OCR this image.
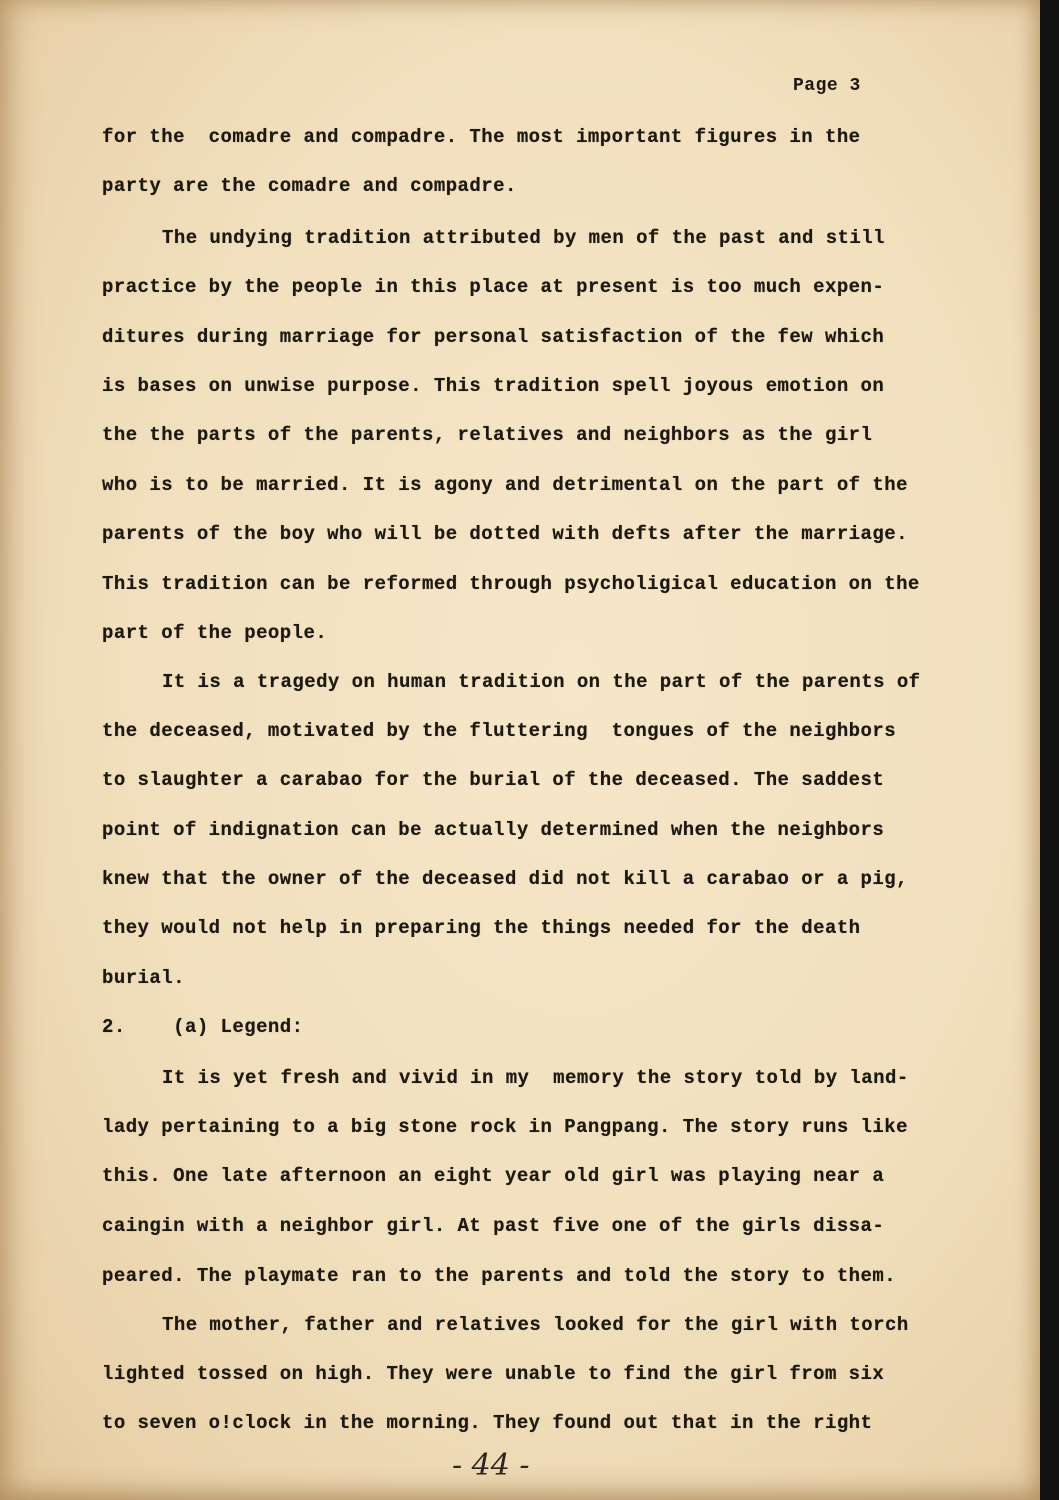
Page 3
for the  comadre and compadre. The most important figures in the
party are the comadre and compadre.
The undying tradition attributed by men of the past and still
practice by the people in this place at present is too much expen-
ditures during marriage for personal satisfaction of the few which
is bases on unwise purpose. This tradition spell joyous emotion on
the the parts of the parents, relatives and neighbors as the girl
who is to be married. It is agony and detrimental on the part of the
parents of the boy who will be dotted with defts after the marriage.
This tradition can be reformed through psycholigical education on the
part of the people.
It is a tragedy on human tradition on the part of the parents of
the deceased, motivated by the fluttering  tongues of the neighbors
to slaughter a carabao for the burial of the deceased. The saddest
point of indignation can be actually determined when the neighbors
knew that the owner of the deceased did not kill a carabao or a pig,
they would not help in preparing the things needed for the death
burial.
2.    (a) Legend:
It is yet fresh and vivid in my  memory the story told by land-
lady pertaining to a big stone rock in Pangpang. The story runs like
this. One late afternoon an eight year old girl was playing near a
caingin with a neighbor girl. At past five one of the girls dissa-
peared. The playmate ran to the parents and told the story to them.
The mother, father and relatives looked for the girl with torch
lighted tossed on high. They were unable to find the girl from six
to seven o!clock in the morning. They found out that in the right
- 44 -
